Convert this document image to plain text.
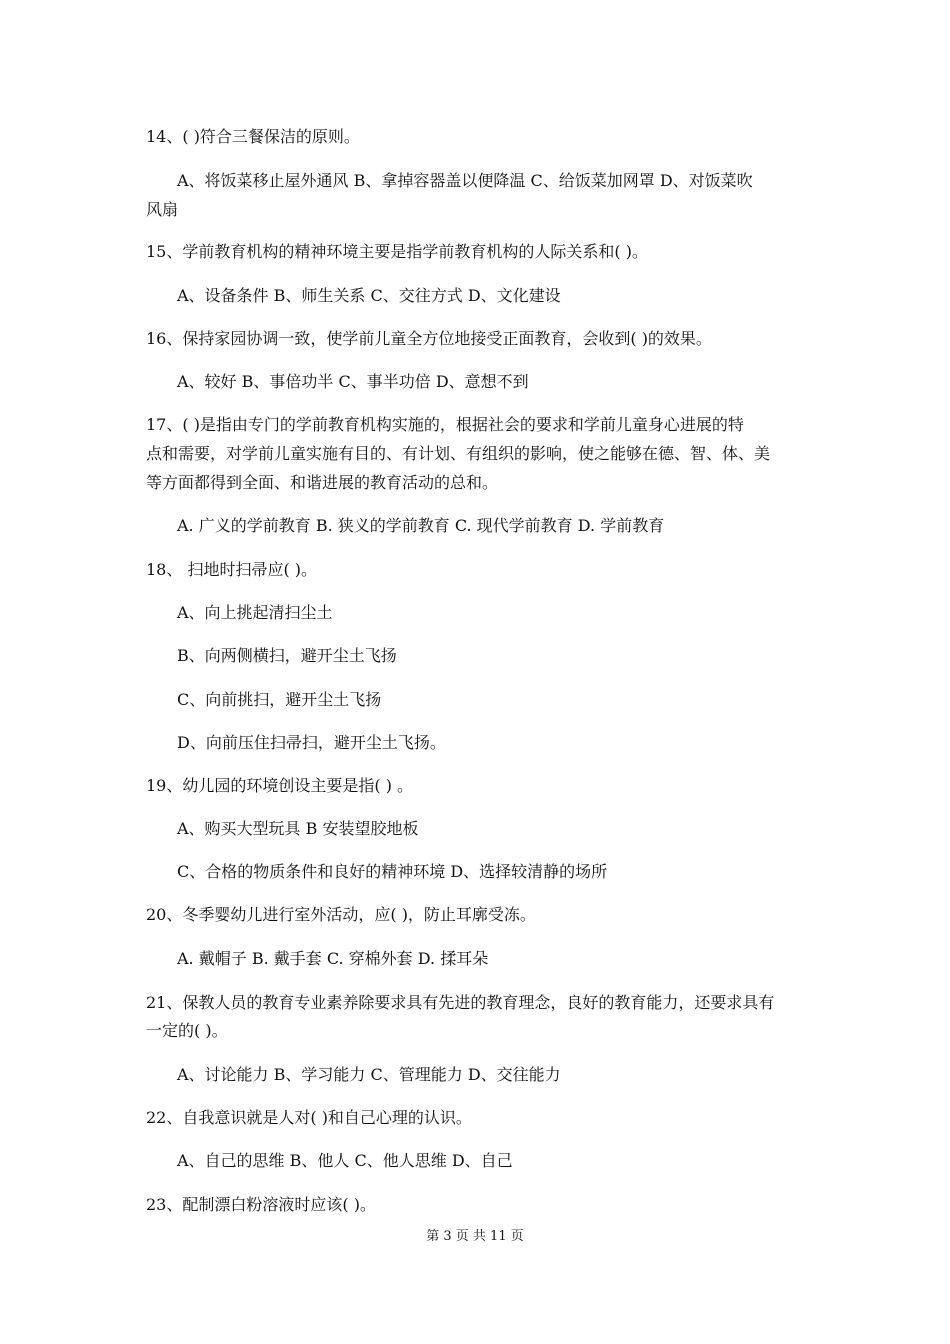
14、( )符合三餐保洁的原则。
A、将饭菜移止屋外通风 B、拿掉容器盖以便降温 C、给饭菜加网罩 D、对饭菜吹
风扇
15、学前教育机构的精神环境主要是指学前教育机构的人际关系和( )。
A、设备条件 B、师生关系 C、交往方式 D、文化建设
16、保持家园协调一致，使学前儿童全方位地接受正面教育，会收到( )的效果。
A、较好 B、事倍功半 C、事半功倍 D、意想不到
17、( )是指由专门的学前教育机构实施的，根据社会的要求和学前儿童身心进展的特
点和需要，对学前儿童实施有目的、有计划、有组织的影响，使之能够在德、智、体、美
等方面都得到全面、和谐进展的教育活动的总和。
A. 广义的学前教育 B. 狭义的学前教育 C. 现代学前教育 D. 学前教育
18、 扫地时扫帚应( )。
A、向上挑起清扫尘土
B、向两侧横扫，避开尘土飞扬
C、向前挑扫，避开尘土飞扬
D、向前压住扫帚扫，避开尘土飞扬。
19、幼儿园的环境创设主要是指( ) 。
A、购买大型玩具 B 安装望胶地板
C、合格的物质条件和良好的精神环境 D、选择较清静的场所
20、冬季婴幼儿进行室外活动，应( )，防止耳廓受冻。
A. 戴帽子 B. 戴手套 C. 穿棉外套 D. 揉耳朵
21、保教人员的教育专业素养除要求具有先进的教育理念，良好的教育能力，还要求具有
一定的( )。
A、讨论能力 B、学习能力 C、管理能力 D、交往能力
22、自我意识就是人对( )和自己心理的认识。
A、自己的思维 B、他人 C、他人思维 D、自己
23、配制漂白粉溶液时应该( )。
第 3 页 共 11 页
